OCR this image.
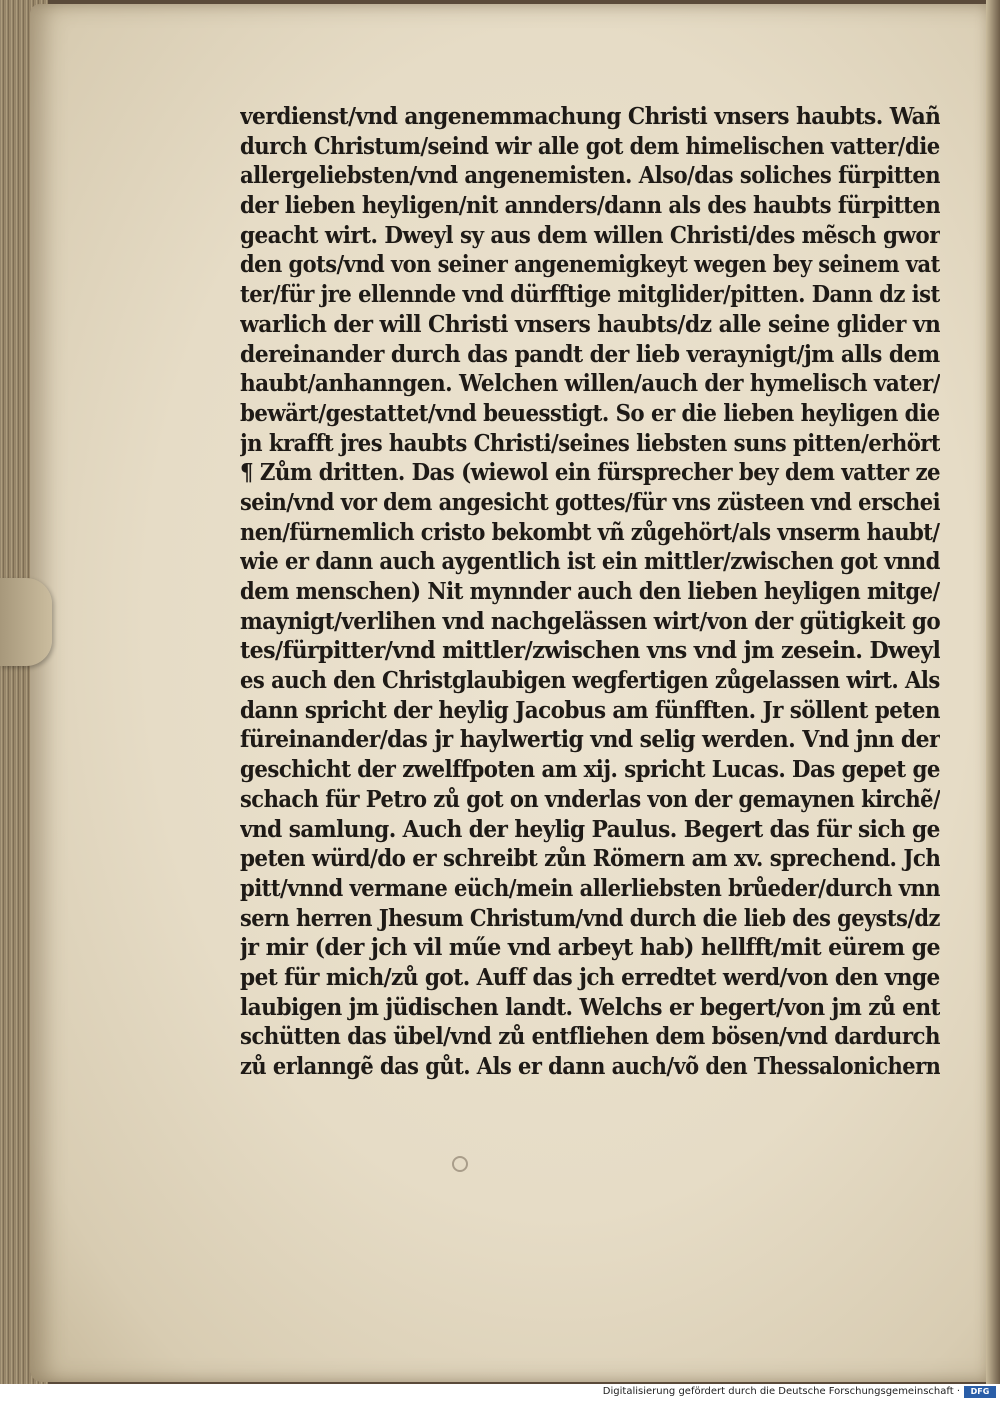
verdienst/vnd angenemmachung Christi vnsers haubts. Wañ
durch Christum/seind wir alle got dem himelischen vatter/die
allergeliebsten/vnd angenemisten. Also/das soliches fürpitten
der lieben heyligen/nit annders/dann als des haubts fürpitten
geacht wirt. Dweyl sy aus dem willen Christi/des mẽsch gwor
den gots/vnd von seiner angenemigkeyt wegen bey seinem vat
ter/für jre ellennde vnd dürfftige mitglider/pitten. Dann dz ist
warlich der will Christi vnsers haubts/dz alle seine glider vn
dereinander durch das pandt der lieb veraynigt/jm alls dem
haubt/anhanngen. Welchen willen/auch der hymelisch vater/
bewärt/gestattet/vnd beuesstigt. So er die lieben heyligen die
jn krafft jres haubts Christi/seines liebsten suns pitten/erhört
¶ Zům dritten. Das (wiewol ein fürsprecher bey dem vatter ze
sein/vnd vor dem angesicht gottes/für vns züsteen vnd erschei
nen/fürnemlich cristo bekombt vñ zůgehört/als vnserm haubt/
wie er dann auch aygentlich ist ein mittler/zwischen got vnnd
dem menschen) Nit mynnder auch den lieben heyligen mitge/
maynigt/verlihen vnd nachgelässen wirt/von der gütigkeit go
tes/fürpitter/vnd mittler/zwischen vns vnd jm zesein. Dweyl
es auch den Christglaubigen wegfertigen zůgelassen wirt. Als
dann spricht der heylig Jacobus am fünfften. Jr söllent peten
füreinander/das jr haylwertig vnd selig werden. Vnd jnn der
geschicht der zwelffpoten am xij. spricht Lucas. Das gepet ge
schach für Petro zů got on vnderlas von der gemaynen kirchẽ/
vnd samlung. Auch der heylig Paulus. Begert das für sich ge
peten würd/do er schreibt zůn Römern am xv. sprechend. Jch
pitt/vnnd vermane eüch/mein allerliebsten brůeder/durch vnn
sern herren Jhesum Christum/vnd durch die lieb des geysts/dz
jr mir (der jch vil műe vnd arbeyt hab) hellfft/mit eürem ge
pet für mich/zů got. Auff das jch erredtet werd/von den vnge
laubigen jm jüdischen landt. Welchs er begert/von jm zů ent
schütten das übel/vnd zů entfliehen dem bösen/vnd dardurch
zů erlanngẽ das gůt. Als er dann auch/võ den Thessalonichern
Digitalisierung gefördert durch die Deutsche Forschungsgemeinschaft ·	DFG
